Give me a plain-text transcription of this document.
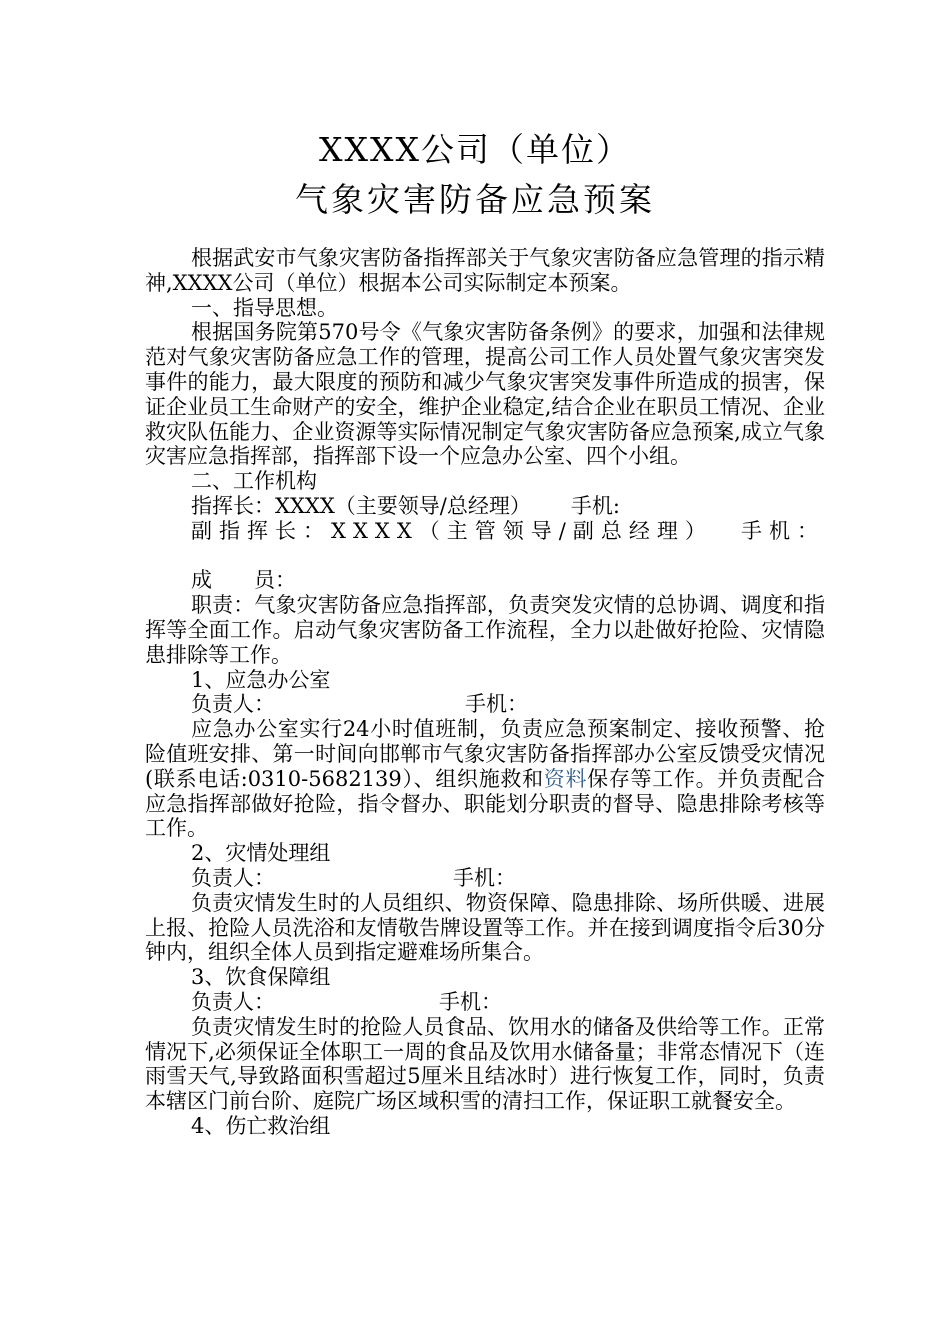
XXXX公司（单位）
气象灾害防备应急预案

根据武安市气象灾害防备指挥部关于气象灾害防备应急管理的指示精神,XXXX公司（单位）根据本公司实际制定本预案。

一、指导思想。

根据国务院第570号令《气象灾害防备条例》的要求，加强和法律规范对气象灾害防备应急工作的管理，提高公司工作人员处置气象灾害突发事件的能力，最大限度的预防和减少气象灾害突发事件所造成的损害，保证企业员工生命财产的安全，维护企业稳定,结合企业在职员工情况、企业救灾队伍能力、企业资源等实际情况制定气象灾害防备应急预案,成立气象灾害应急指挥部，指挥部下设一个应急办公室、四个小组。

二、工作机构

指挥长：XXXX（主要领导/总经理） 手机:

副指挥长：XXXX（主管领导/副总经理） 手机：

成　　员：

职责：气象灾害防备应急指挥部，负责突发灾情的总协调、调度和指挥等全面工作。启动气象灾害防备工作流程，全力以赴做好抢险、灾情隐患排除等工作。

1、应急办公室

负责人：	手机：

应急办公室实行24小时值班制，负责应急预案制定、接收预警、抢险值班安排、第一时间向邯郸市气象灾害防备指挥部办公室反馈受灾情况(联系电话:0310-5682139）、组织施救和资料保存等工作。并负责配合应急指挥部做好抢险，指令督办、职能划分职责的督导、隐患排除考核等工作。

2、灾情处理组

负责人：	手机：

负责灾情发生时的人员组织、物资保障、隐患排除、场所供暖、进展上报、抢险人员洗浴和友情敬告牌设置等工作。并在接到调度指令后30分钟内，组织全体人员到指定避难场所集合。

3、饮食保障组

负责人：	手机：

负责灾情发生时的抢险人员食品、饮用水的储备及供给等工作。正常情况下,必须保证全体职工一周的食品及饮用水储备量；非常态情况下（连雨雪天气,导致路面积雪超过5厘米且结冰时）进行恢复工作，同时，负责本辖区门前台阶、庭院广场区域积雪的清扫工作，保证职工就餐安全。

4、伤亡救治组
